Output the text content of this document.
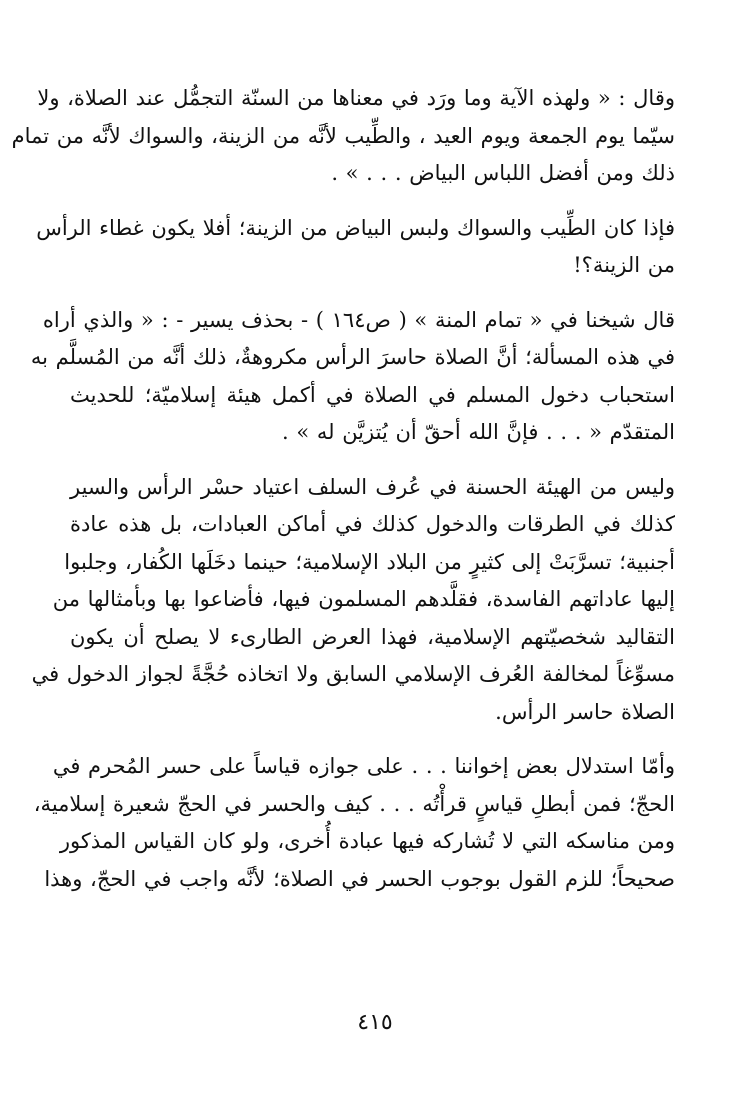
وقال : « ولهذه الآية وما ورَد في معناها من السنّة التجمُّل عند الصلاة، ولا
سيّما يوم الجمعة ويوم العيد ، والطِّيب لأنَّه من الزينة، والسواك لأنَّه من تمام
ذلك ومن أفضل اللباس البياض . . . » .

فإذا كان الطِّيب والسواك ولبس البياض من الزينة؛ أفلا يكون غطاء الرأس
من الزينة؟!

قال شيخنا في « تمام المنة » ( ص١٦٤ ) - بحذف يسير - : « والذي أراه
في هذه المسألة؛ أنَّ الصلاة حاسرَ الرأس مكروهةٌ، ذلك أنَّه من المُسلَّم به
استحباب دخول المسلم في الصلاة في أكمل هيئة إسلاميّة؛ للحديث
المتقدّم « . . . فإنَّ الله أحقّ أن يُتزيَّن له » .

وليس من الهيئة الحسنة في عُرف السلف اعتياد حسْر الرأس والسير
كذلك في الطرقات والدخول كذلك في أماكن العبادات، بل هذه عادة
أجنبية؛ تسرَّبَتْ إلى كثيرٍ من البلاد الإسلامية؛ حينما دخَلَها الكُفار، وجلبوا
إليها عاداتهم الفاسدة، فقلَّدهم المسلمون فيها، فأضاعوا بها وبأمثالها من
التقاليد شخصيّتهم الإسلامية، فهذا العرض الطارىء لا يصلح أن يكون
مسوِّغاً لمخالفة العُرف الإسلامي السابق ولا اتخاذه حُجَّةً لجواز الدخول في
الصلاة حاسر الرأس.

وأمّا استدلال بعض إخواننا . . . على جوازه قياساً على حسر المُحرم في
الحجّ؛ فمن أبطلِ قياسٍ قرأْتُه . . . كيف والحسر في الحجّ شعيرة إسلامية،
ومن مناسكه التي لا تُشاركه فيها عبادة أُخرى، ولو كان القياس المذكور
صحيحاً؛ للزم القول بوجوب الحسر في الصلاة؛ لأنَّه واجب في الحجّ، وهذا

٤١٥
